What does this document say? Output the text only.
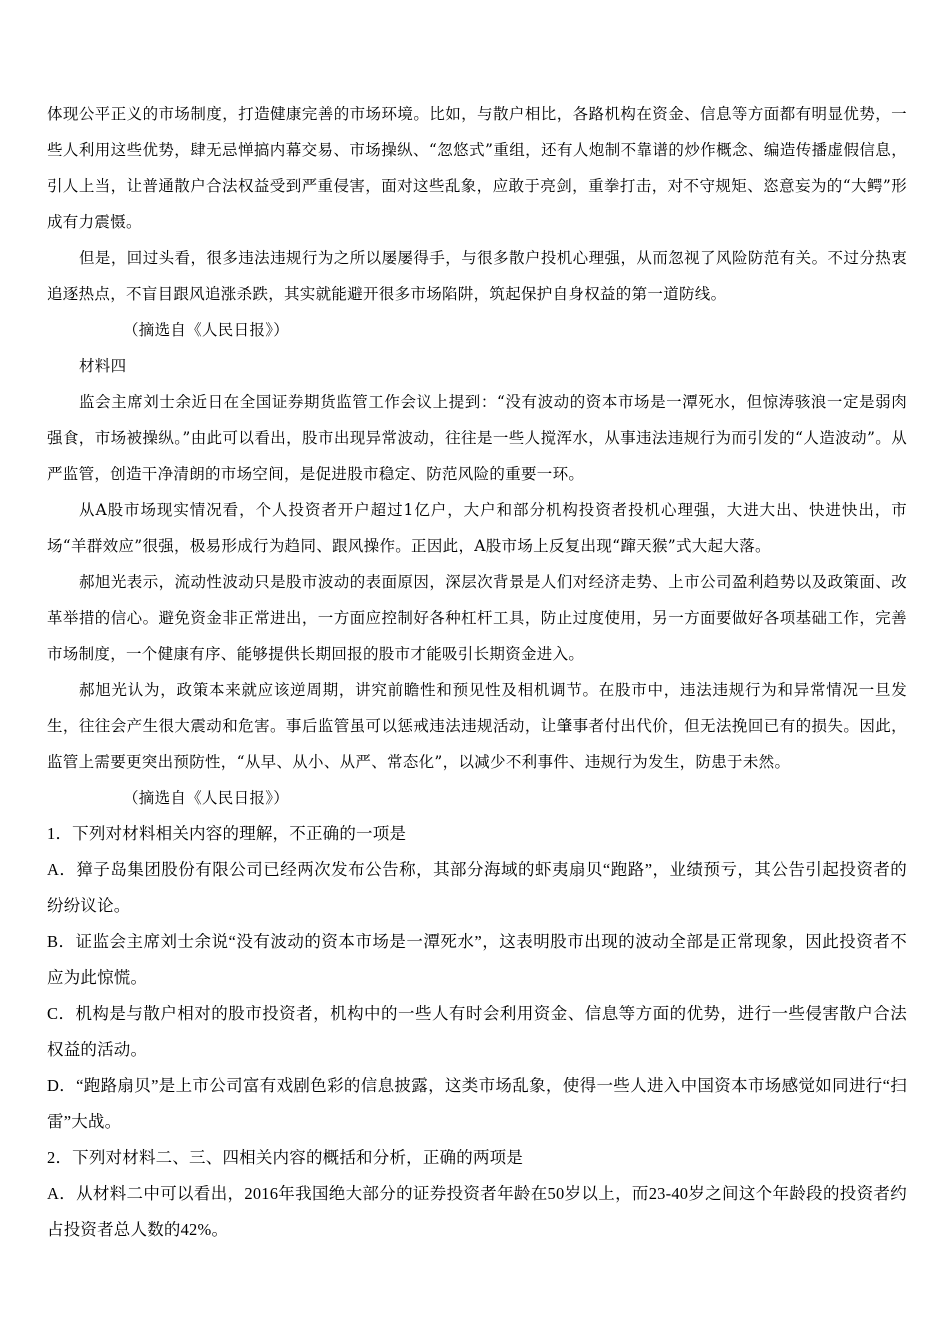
体现公平正义的市场制度，打造健康完善的市场环境。比如，与散户相比，各路机构在资金、信息等方面都有明显优势，一些人利用这些优势，肆无忌惮搞内幕交易、市场操纵、“忽悠式”重组，还有人炮制不靠谱的炒作概念、编造传播虚假信息，引人上当，让普通散户合法权益受到严重侵害，面对这些乱象，应敢于亮剑，重拳打击，对不守规矩、恣意妄为的“大鳄”形成有力震慑。

但是，回过头看，很多违法违规行为之所以屡屡得手，与很多散户投机心理强，从而忽视了风险防范有关。不过分热衷追逐热点，不盲目跟风追涨杀跌，其实就能避开很多市场陷阱，筑起保护自身权益的第一道防线。

（摘选自《人民日报》）

材料四

监会主席刘士余近日在全国证券期货监管工作会议上提到：“没有波动的资本市场是一潭死水，但惊涛骇浪一定是弱肉强食，市场被操纵。”由此可以看出，股市出现异常波动，往往是一些人搅浑水，从事违法违规行为而引发的“人造波动”。从严监管，创造干净清朗的市场空间，是促进股市稳定、防范风险的重要一环。

从A股市场现实情况看，个人投资者开户超过1亿户，大户和部分机构投资者投机心理强，大进大出、快进快出，市场“羊群效应”很强，极易形成行为趋同、跟风操作。正因此，A股市场上反复出现“蹿天猴”式大起大落。

郝旭光表示，流动性波动只是股市波动的表面原因，深层次背景是人们对经济走势、上市公司盈利趋势以及政策面、改革举措的信心。避免资金非正常进出，一方面应控制好各种杠杆工具，防止过度使用，另一方面要做好各项基础工作，完善市场制度，一个健康有序、能够提供长期回报的股市才能吸引长期资金进入。

郝旭光认为，政策本来就应该逆周期，讲究前瞻性和预见性及相机调节。在股市中，违法违规行为和异常情况一旦发生，往往会产生很大震动和危害。事后监管虽可以惩戒违法违规活动，让肇事者付出代价，但无法挽回已有的损失。因此，监管上需要更突出预防性，“从早、从小、从严、常态化”，以减少不利事件、违规行为发生，防患于未然。

（摘选自《人民日报》）

1．下列对材料相关内容的理解，不正确的一项是

A．獐子岛集团股份有限公司已经两次发布公告称，其部分海域的虾夷扇贝“跑路”，业绩预亏，其公告引起投资者的纷纷议论。

B．证监会主席刘士余说“没有波动的资本市场是一潭死水”，这表明股市出现的波动全部是正常现象，因此投资者不应为此惊慌。

C．机构是与散户相对的股市投资者，机构中的一些人有时会利用资金、信息等方面的优势，进行一些侵害散户合法权益的活动。

D．“跑路扇贝”是上市公司富有戏剧色彩的信息披露，这类市场乱象，使得一些人进入中国资本市场感觉如同进行“扫雷”大战。

2．下列对材料二、三、四相关内容的概括和分析，正确的两项是

A．从材料二中可以看出，2016年我国绝大部分的证券投资者年龄在50岁以上，而23-40岁之间这个年龄段的投资者约占投资者总人数的42%。
